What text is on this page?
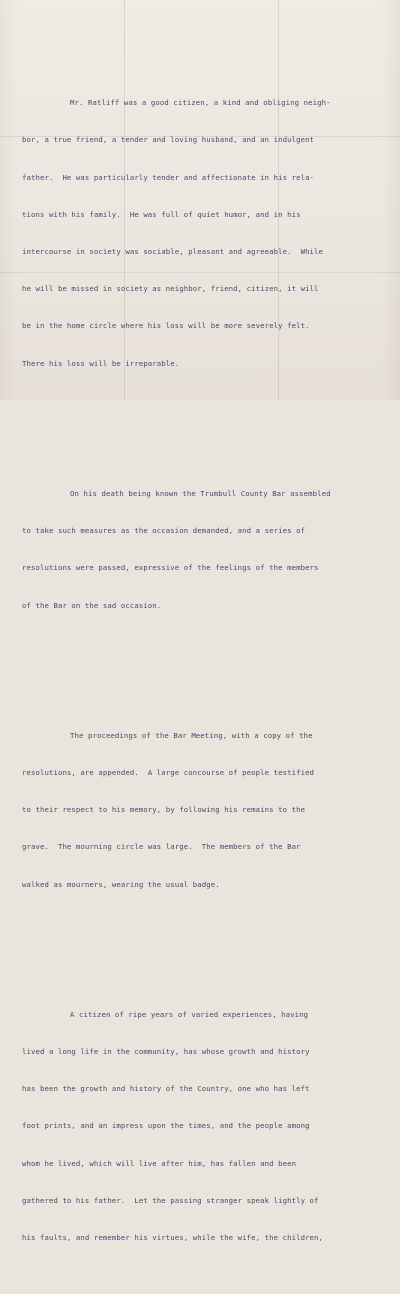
Mr. Ratliff was a good citizen, a kind and obliging neigh-

bor, a true friend, a tender and loving husband, and an indulgent

father.  He was particularly tender and affectionate in his rela-

tions with his family.  He was full of quiet humor, and in his

intercourse in society was sociable, pleasant and agreeable.  While

he will be missed in society as neighbor, friend, citizen, it will

be in the home circle where his loss will be more severely felt.

There his loss will be irreparable.

On his death being known the Trumbull County Bar assembled

to take such measures as the occasion demanded, and a series of

resolutions were passed, expressive of the feelings of the members

of the Bar on the sad occasion.

The proceedings of the Bar Meeting, with a copy of the

resolutions, are appended.  A large concourse of people testified

to their respect to his memory, by following his remains to the

grave.  The mourning circle was large.  The members of the Bar

walked as mourners, wearing the usual badge.

A citizen of ripe years of varied experiences, having

lived a long life in the community, has whose growth and history

has been the growth and history of the Country, one who has left

foot prints, and an impress upon the times, and the people among

whom he lived, which will live after him, has fallen and been

gathered to his father.  Let the passing stranger speak lightly of

his faults, and remember his virtues, while the wife, the children,
